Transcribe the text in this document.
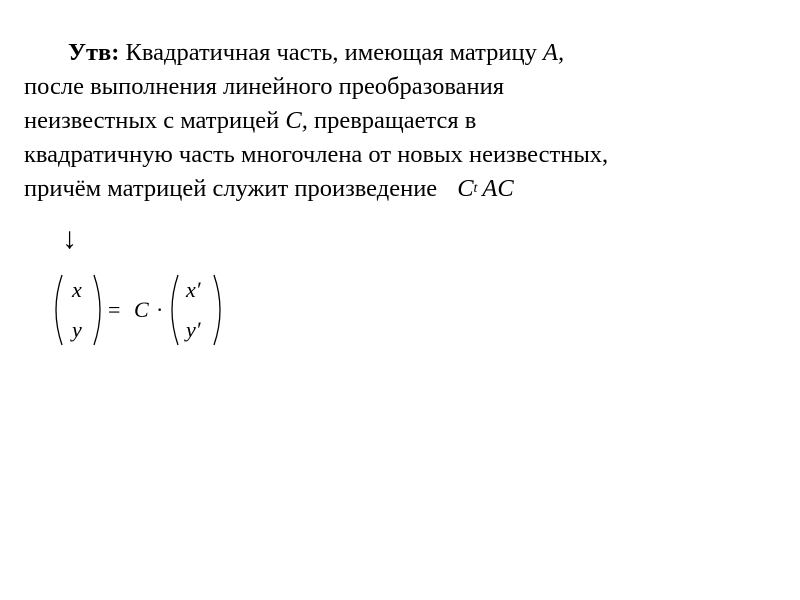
Утв: Квадратичная часть, имеющая матрицу A,
после выполнения линейного преобразования
неизвестных с матрицей C, превращается в
квадратичную часть многочлена от новых неизвестных,
причём матрицей служит произведение $C^t$ AC
↓
x
y
= C ·
x′
y′
